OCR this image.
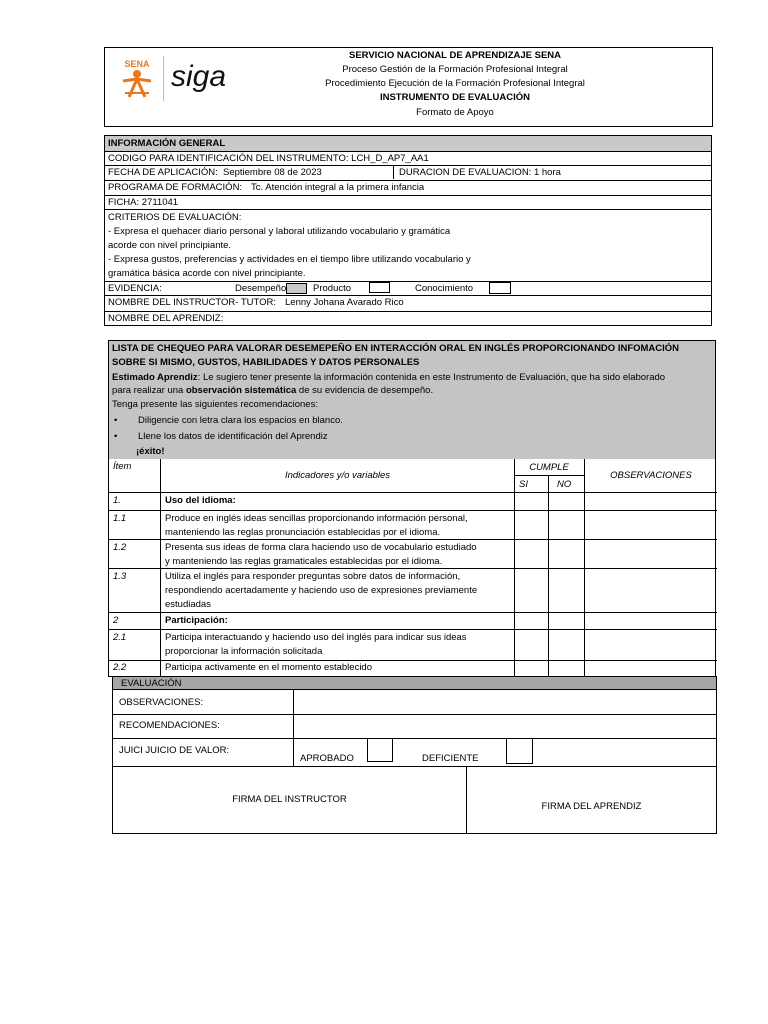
SENA siga
SERVICIO NACIONAL DE APRENDIZAJE SENA
Proceso Gestión de la Formación Profesional Integral
Procedimiento Ejecución de la Formación Profesional Integral
INSTRUMENTO DE EVALUACIÓN
Formato de Apoyo
INFORMACIÓN GENERAL
CODIGO PARA IDENTIFICACIÓN DEL INSTRUMENTO: LCH_D_AP7_AA1
FECHA DE APLICACIÓN: Septiembre 08 de 2023	DURACION DE EVALUACION: 1 hora
PROGRAMA DE FORMACIÓN: Tc. Atención integral a la primera infancia
FICHA: 2711041
CRITERIOS DE EVALUACIÓN:
- Expresa el quehacer diario personal y laboral utilizando vocabulario y gramática
acorde con nivel principiante.
- Expresa gustos, preferencias y actividades en el tiempo libre utilizando vocabulario y
gramática básica acorde con nivel principiante.
EVIDENCIA:	Desempeño	Producto	Conocimiento
NOMBRE DEL INSTRUCTOR- TUTOR: Lenny Johana Avarado Rico
NOMBRE DEL APRENDIZ:
LISTA DE CHEQUEO PARA VALORAR DESEMEPEÑO EN INTERACCIÓN ORAL EN INGLÉS PROPORCIONANDO INFOMACIÓN
SOBRE SI MISMO, GUSTOS, HABILIDADES Y DATOS PERSONALES
Estimado Aprendiz: Le sugiero tener presente la información contenida en este Instrumento de Evaluación, que ha sido elaborado
para realizar una observación sistemática de su evidencia de desempeño.
Tenga presente las siguientes recomendaciones:
• Diligencie con letra clara los espacios en blanco.
• Llene los datos de identificación del Aprendiz
¡éxito!
Ítem
Indicadores y/o variables
CUMPLE
SI	NO
OBSERVACIONES
1.	Uso del idioma:
1.1	Produce en inglés ideas sencillas proporcionando información personal,
manteniendo las reglas pronunciación establecidas por el idioma.
1.2	Presenta sus ideas de forma clara haciendo uso de vocabulario estudiado
y manteniendo las reglas gramaticales establecidas por el idioma.
1.3	Utiliza el inglés para responder preguntas sobre datos de información,
respondiendo acertadamente y haciendo uso de expresiones previamente
estudiadas
2	Participación:
2.1	Participa interactuando y haciendo uso del inglés para indicar sus ideas
proporcionar la información solicitada
2.2	Participa activamente en el momento establecido
EVALUACIÓN
OBSERVACIONES:
RECOMENDACIONES:
JUICI JUICIO DE VALOR:
APROBADO	DEFICIENTE
FIRMA DEL INSTRUCTOR
FIRMA DEL APRENDIZ
